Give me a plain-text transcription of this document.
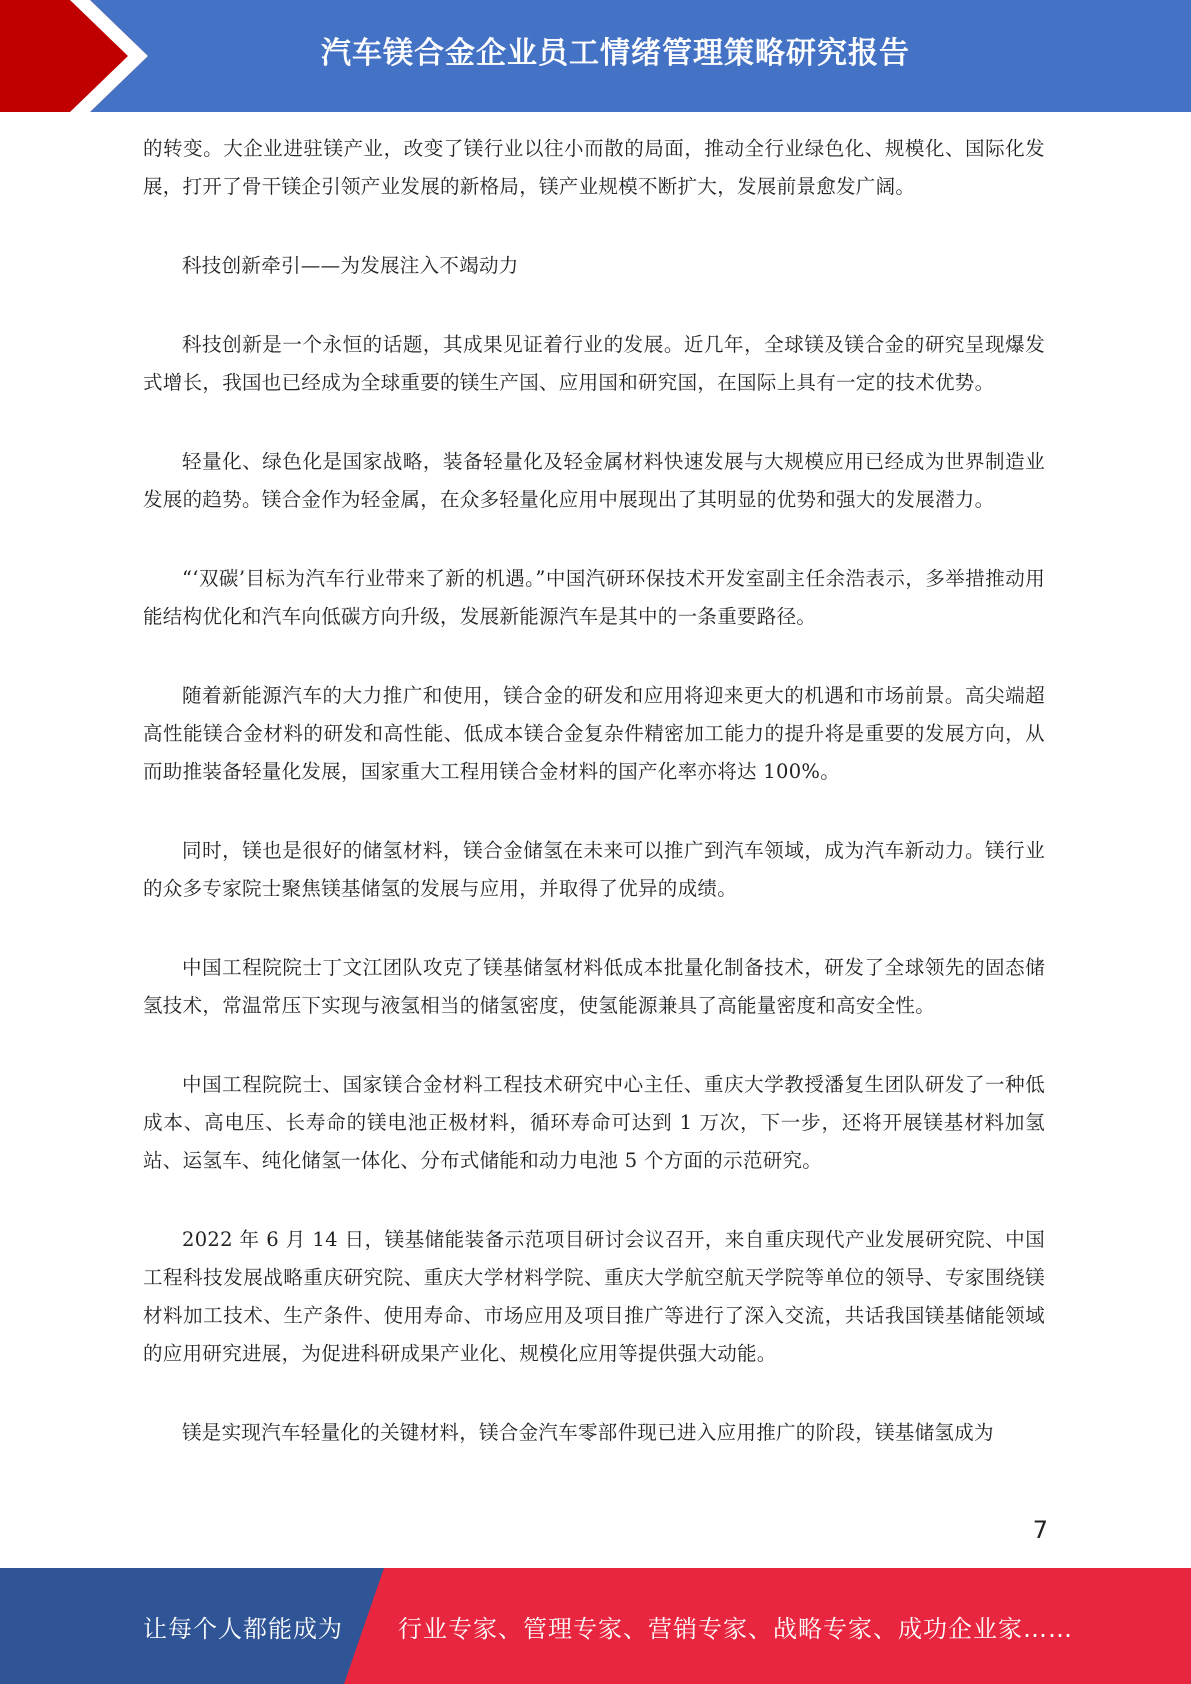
汽车镁合金企业员工情绪管理策略研究报告

的转变。大企业进驻镁产业，改变了镁行业以往小而散的局面，推动全行业绿色化、规模化、国际化发展，打开了骨干镁企引领产业发展的新格局，镁产业规模不断扩大，发展前景愈发广阔。

科技创新牵引——为发展注入不竭动力

科技创新是一个永恒的话题，其成果见证着行业的发展。近几年，全球镁及镁合金的研究呈现爆发式增长，我国也已经成为全球重要的镁生产国、应用国和研究国，在国际上具有一定的技术优势。

轻量化、绿色化是国家战略，装备轻量化及轻金属材料快速发展与大规模应用已经成为世界制造业发展的趋势。镁合金作为轻金属，在众多轻量化应用中展现出了其明显的优势和强大的发展潜力。

“‘双碳’目标为汽车行业带来了新的机遇。”中国汽研环保技术开发室副主任余浩表示，多举措推动用能结构优化和汽车向低碳方向升级，发展新能源汽车是其中的一条重要路径。

随着新能源汽车的大力推广和使用，镁合金的研发和应用将迎来更大的机遇和市场前景。高尖端超高性能镁合金材料的研发和高性能、低成本镁合金复杂件精密加工能力的提升将是重要的发展方向，从而助推装备轻量化发展，国家重大工程用镁合金材料的国产化率亦将达 100%。

同时，镁也是很好的储氢材料，镁合金储氢在未来可以推广到汽车领域，成为汽车新动力。镁行业的众多专家院士聚焦镁基储氢的发展与应用，并取得了优异的成绩。

中国工程院院士丁文江团队攻克了镁基储氢材料低成本批量化制备技术，研发了全球领先的固态储氢技术，常温常压下实现与液氢相当的储氢密度，使氢能源兼具了高能量密度和高安全性。

中国工程院院士、国家镁合金材料工程技术研究中心主任、重庆大学教授潘复生团队研发了一种低成本、高电压、长寿命的镁电池正极材料，循环寿命可达到 1 万次，下一步，还将开展镁基材料加氢站、运氢车、纯化储氢一体化、分布式储能和动力电池 5 个方面的示范研究。

2022 年 6 月 14 日，镁基储能装备示范项目研讨会议召开，来自重庆现代产业发展研究院、中国工程科技发展战略重庆研究院、重庆大学材料学院、重庆大学航空航天学院等单位的领导、专家围绕镁材料加工技术、生产条件、使用寿命、市场应用及项目推广等进行了深入交流，共话我国镁基储能领域的应用研究进展，为促进科研成果产业化、规模化应用等提供强大动能。

镁是实现汽车轻量化的关键材料，镁合金汽车零部件现已进入应用推广的阶段，镁基储氢成为

7
让每个人都能成为 行业专家、管理专家、营销专家、战略专家、成功企业家……
